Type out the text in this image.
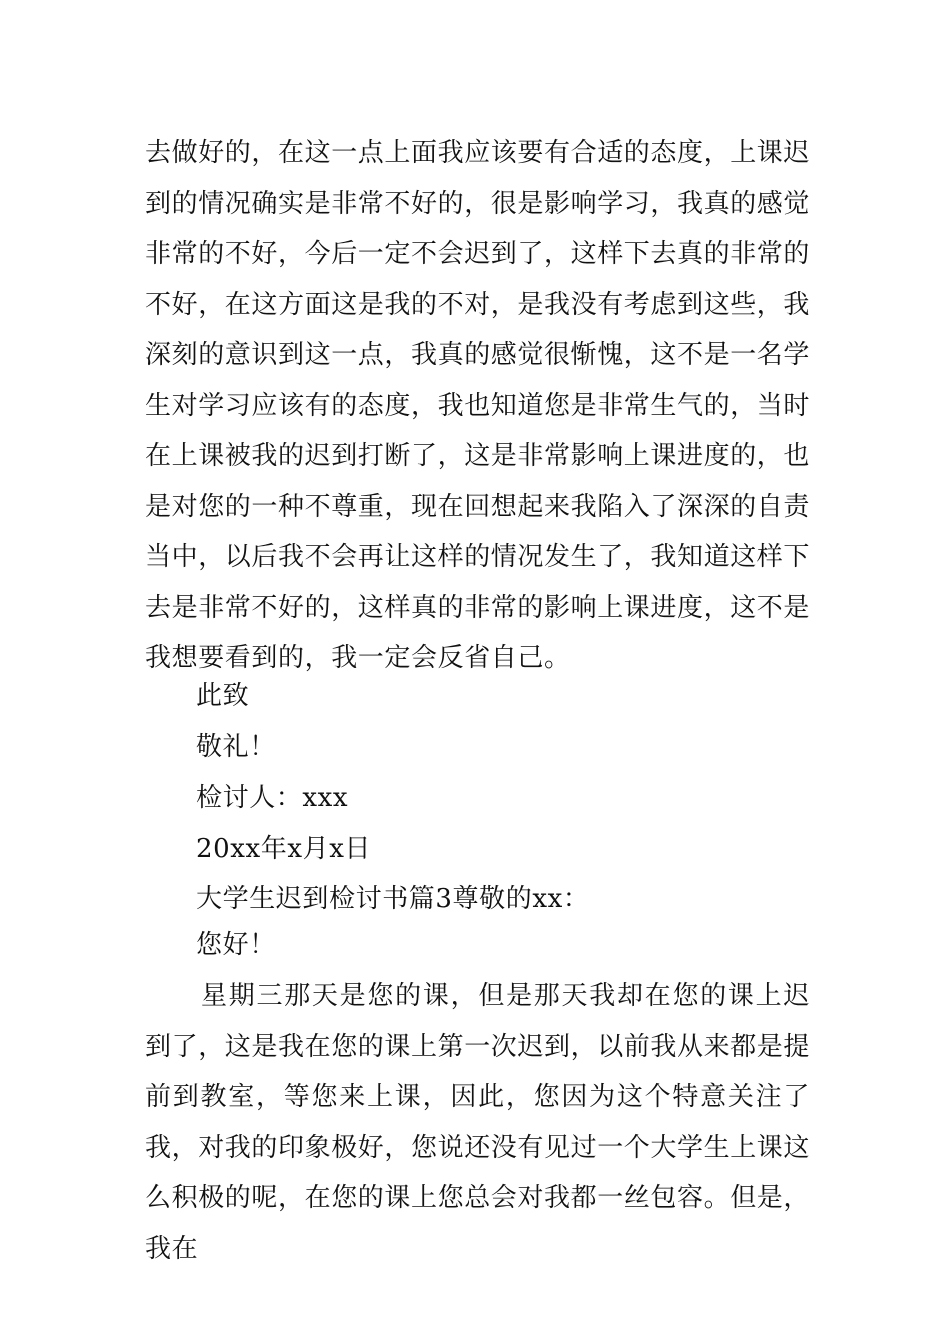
去做好的，在这一点上面我应该要有合适的态度，上课迟到的情况确实是非常不好的，很是影响学习，我真的感觉非常的不好，今后一定不会迟到了，这样下去真的非常的不好，在这方面这是我的不对，是我没有考虑到这些，我深刻的意识到这一点，我真的感觉很惭愧，这不是一名学生对学习应该有的态度，我也知道您是非常生气的，当时在上课被我的迟到打断了，这是非常影响上课进度的，也是对您的一种不尊重，现在回想起来我陷入了深深的自责当中，以后我不会再让这样的情况发生了，我知道这样下去是非常不好的，这样真的非常的影响上课进度，这不是我想要看到的，我一定会反省自己。

此致

敬礼！

检讨人：xxx

20xx年x月x日

大学生迟到检讨书篇3尊敬的xx：

您好！

星期三那天是您的课，但是那天我却在您的课上迟到了，这是我在您的课上第一次迟到，以前我从来都是提前到教室，等您来上课，因此，您因为这个特意关注了我，对我的印象极好，您说还没有见过一个大学生上课这么积极的呢，在您的课上您总会对我都一丝包容。但是，我在
